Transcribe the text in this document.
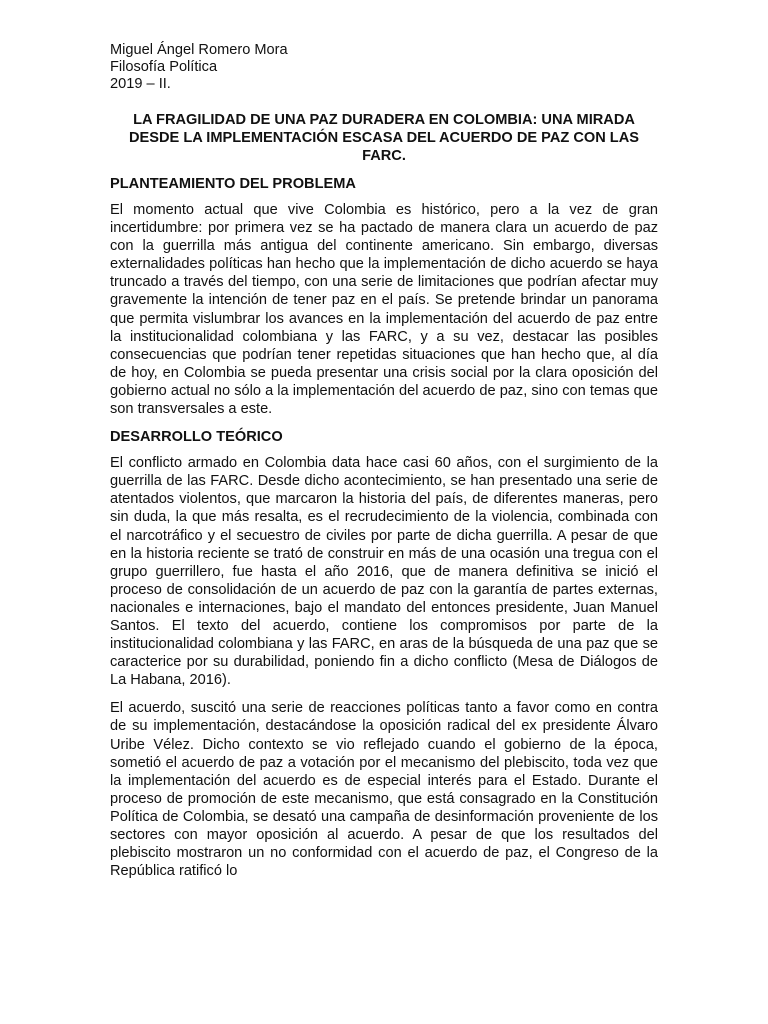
Miguel Ángel Romero Mora
Filosofía Política
2019 – II.
LA FRAGILIDAD DE UNA PAZ DURADERA EN COLOMBIA: UNA MIRADA DESDE LA IMPLEMENTACIÓN ESCASA DEL ACUERDO DE PAZ CON LAS FARC.
PLANTEAMIENTO DEL PROBLEMA

El momento actual que vive Colombia es histórico, pero a la vez de gran incertidumbre: por primera vez se ha pactado de manera clara un acuerdo de paz con la guerrilla más antigua del continente americano. Sin embargo, diversas externalidades políticas han hecho que la implementación de dicho acuerdo se haya truncado a través del tiempo, con una serie de limitaciones que podrían afectar muy gravemente la intención de tener paz en el país. Se pretende brindar un panorama que permita vislumbrar los avances en la implementación del acuerdo de paz entre la institucionalidad colombiana y las FARC, y a su vez, destacar las posibles consecuencias que podrían tener repetidas situaciones que han hecho que, al día de hoy, en Colombia se pueda presentar una crisis social por la clara oposición del gobierno actual no sólo a la implementación del acuerdo de paz, sino con temas que son transversales a este.

DESARROLLO TEÓRICO

El conflicto armado en Colombia data hace casi 60 años, con el surgimiento de la guerrilla de las FARC. Desde dicho acontecimiento, se han presentado una serie de atentados violentos, que marcaron la historia del país, de diferentes maneras, pero sin duda, la que más resalta, es el recrudecimiento de la violencia, combinada con el narcotráfico y el secuestro de civiles por parte de dicha guerrilla. A pesar de que en la historia reciente se trató de construir en más de una ocasión una tregua con el grupo guerrillero, fue hasta el año 2016, que de manera definitiva se inició el proceso de consolidación de un acuerdo de paz con la garantía de partes externas, nacionales e internaciones, bajo el mandato del entonces presidente, Juan Manuel Santos. El texto del acuerdo, contiene los compromisos por parte de la institucionalidad colombiana y las FARC, en aras de la búsqueda de una paz que se caracterice por su durabilidad, poniendo fin a dicho conflicto (Mesa de Diálogos de La Habana, 2016).

El acuerdo, suscitó una serie de reacciones políticas tanto a favor como en contra de su implementación, destacándose la oposición radical del ex presidente Álvaro Uribe Vélez. Dicho contexto se vio reflejado cuando el gobierno de la época, sometió el acuerdo de paz a votación por el mecanismo del plebiscito, toda vez que la implementación del acuerdo es de especial interés para el Estado. Durante el proceso de promoción de este mecanismo, que está consagrado en la Constitución Política de Colombia, se desató una campaña de desinformación proveniente de los sectores con mayor oposición al acuerdo. A pesar de que los resultados del plebiscito mostraron un no conformidad con el acuerdo de paz, el Congreso de la República ratificó lo
